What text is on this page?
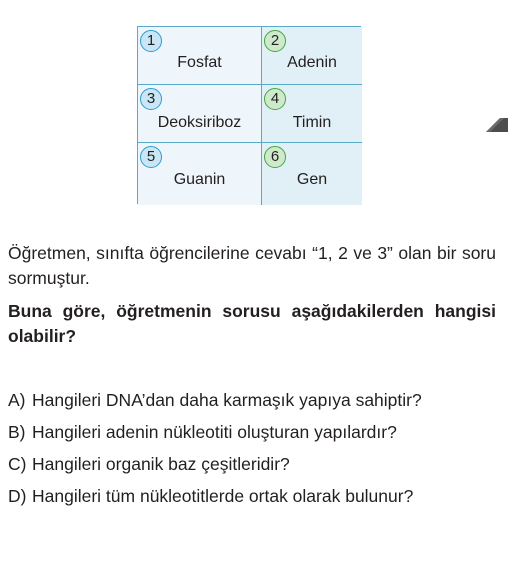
1
Fosfat
2
Adenin
3
Deoksiriboz
4
Timin
5
Guanin
6
Gen

Öğretmen, sınıfta öğrencilerine cevabı “1, 2 ve 3” olan bir soru sormuştur.

Buna göre, öğretmenin sorusu aşağıdakilerden hangisi olabilir?

A) Hangileri DNA’dan daha karmaşık yapıya sahiptir?
B) Hangileri adenin nükleotiti oluşturan yapılardır?
C) Hangileri organik baz çeşitleridir?
D) Hangileri tüm nükleotitlerde ortak olarak bulunur?
